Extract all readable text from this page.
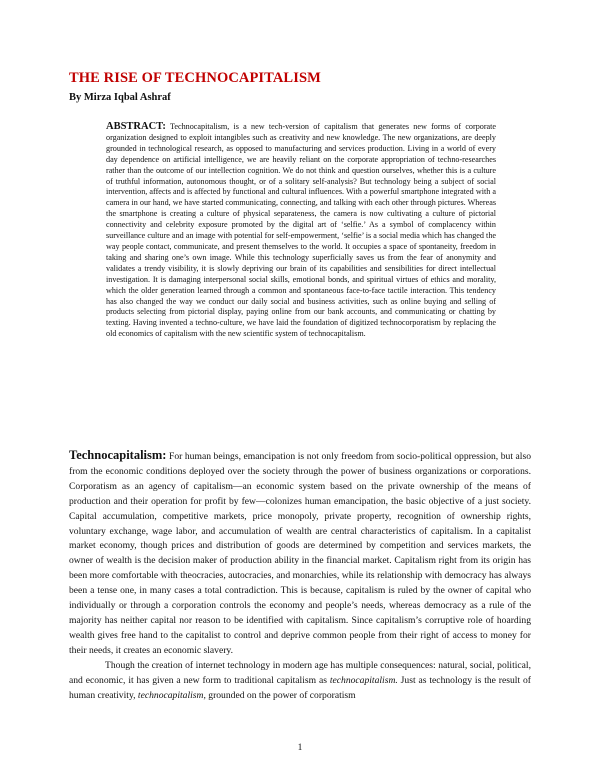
THE RISE OF TECHNOCAPITALISM

By Mirza Iqbal Ashraf

ABSTRACT: Technocapitalism, is a new tech-version of capitalism that generates new forms of corporate organization designed to exploit intangibles such as creativity and new knowledge. The new organizations, are deeply grounded in technological research, as opposed to manufacturing and services production. Living in a world of every day dependence on artificial intelligence, we are heavily reliant on the corporate appropriation of techno-researches rather than the outcome of our intellection cognition. We do not think and question ourselves, whether this is a culture of truthful information, autonomous thought, or of a solitary self-analysis? But technology being a subject of social intervention, affects and is affected by functional and cultural influences. With a powerful smartphone integrated with a camera in our hand, we have started communicating, connecting, and talking with each other through pictures. Whereas the smartphone is creating a culture of physical separateness, the camera is now cultivating a culture of pictorial connectivity and celebrity exposure promoted by the digital art of ‘selfie.’ As a symbol of complacency within surveillance culture and an image with potential for self-empowerment, ‘selfie’ is a social media which has changed the way people contact, communicate, and present themselves to the world. It occupies a space of spontaneity, freedom in taking and sharing one’s own image. While this technology superficially saves us from the fear of anonymity and validates a trendy visibility, it is slowly depriving our brain of its capabilities and sensibilities for direct intellectual investigation. It is damaging interpersonal social skills, emotional bonds, and spiritual virtues of ethics and morality, which the older generation learned through a common and spontaneous face-to-face tactile interaction. This tendency has also changed the way we conduct our daily social and business activities, such as online buying and selling of products selecting from pictorial display, paying online from our bank accounts, and communicating or chatting by texting. Having invented a techno-culture, we have laid the foundation of digitized technocorporatism by replacing the old economics of capitalism with the new scientific system of technocapitalism.

Technocapitalism: For human beings, emancipation is not only freedom from socio-political oppression, but also from the economic conditions deployed over the society through the power of business organizations or corporations. Corporatism as an agency of capitalism—an economic system based on the private ownership of the means of production and their operation for profit by few—colonizes human emancipation, the basic objective of a just society. Capital accumulation, competitive markets, price monopoly, private property, recognition of ownership rights, voluntary exchange, wage labor, and accumulation of wealth are central characteristics of capitalism. In a capitalist market economy, though prices and distribution of goods are determined by competition and services markets, the owner of wealth is the decision maker of production ability in the financial market. Capitalism right from its origin has been more comfortable with theocracies, autocracies, and monarchies, while its relationship with democracy has always been a tense one, in many cases a total contradiction. This is because, capitalism is ruled by the owner of capital who individually or through a corporation controls the economy and people’s needs, whereas democracy as a rule of the majority has neither capital nor reason to be identified with capitalism. Since capitalism’s corruptive role of hoarding wealth gives free hand to the capitalist to control and deprive common people from their right of access to money for their needs, it creates an economic slavery.

Though the creation of internet technology in modern age has multiple consequences: natural, social, political, and economic, it has given a new form to traditional capitalism as technocapitalism. Just as technology is the result of human creativity, technocapitalism, grounded on the power of corporatism

1
